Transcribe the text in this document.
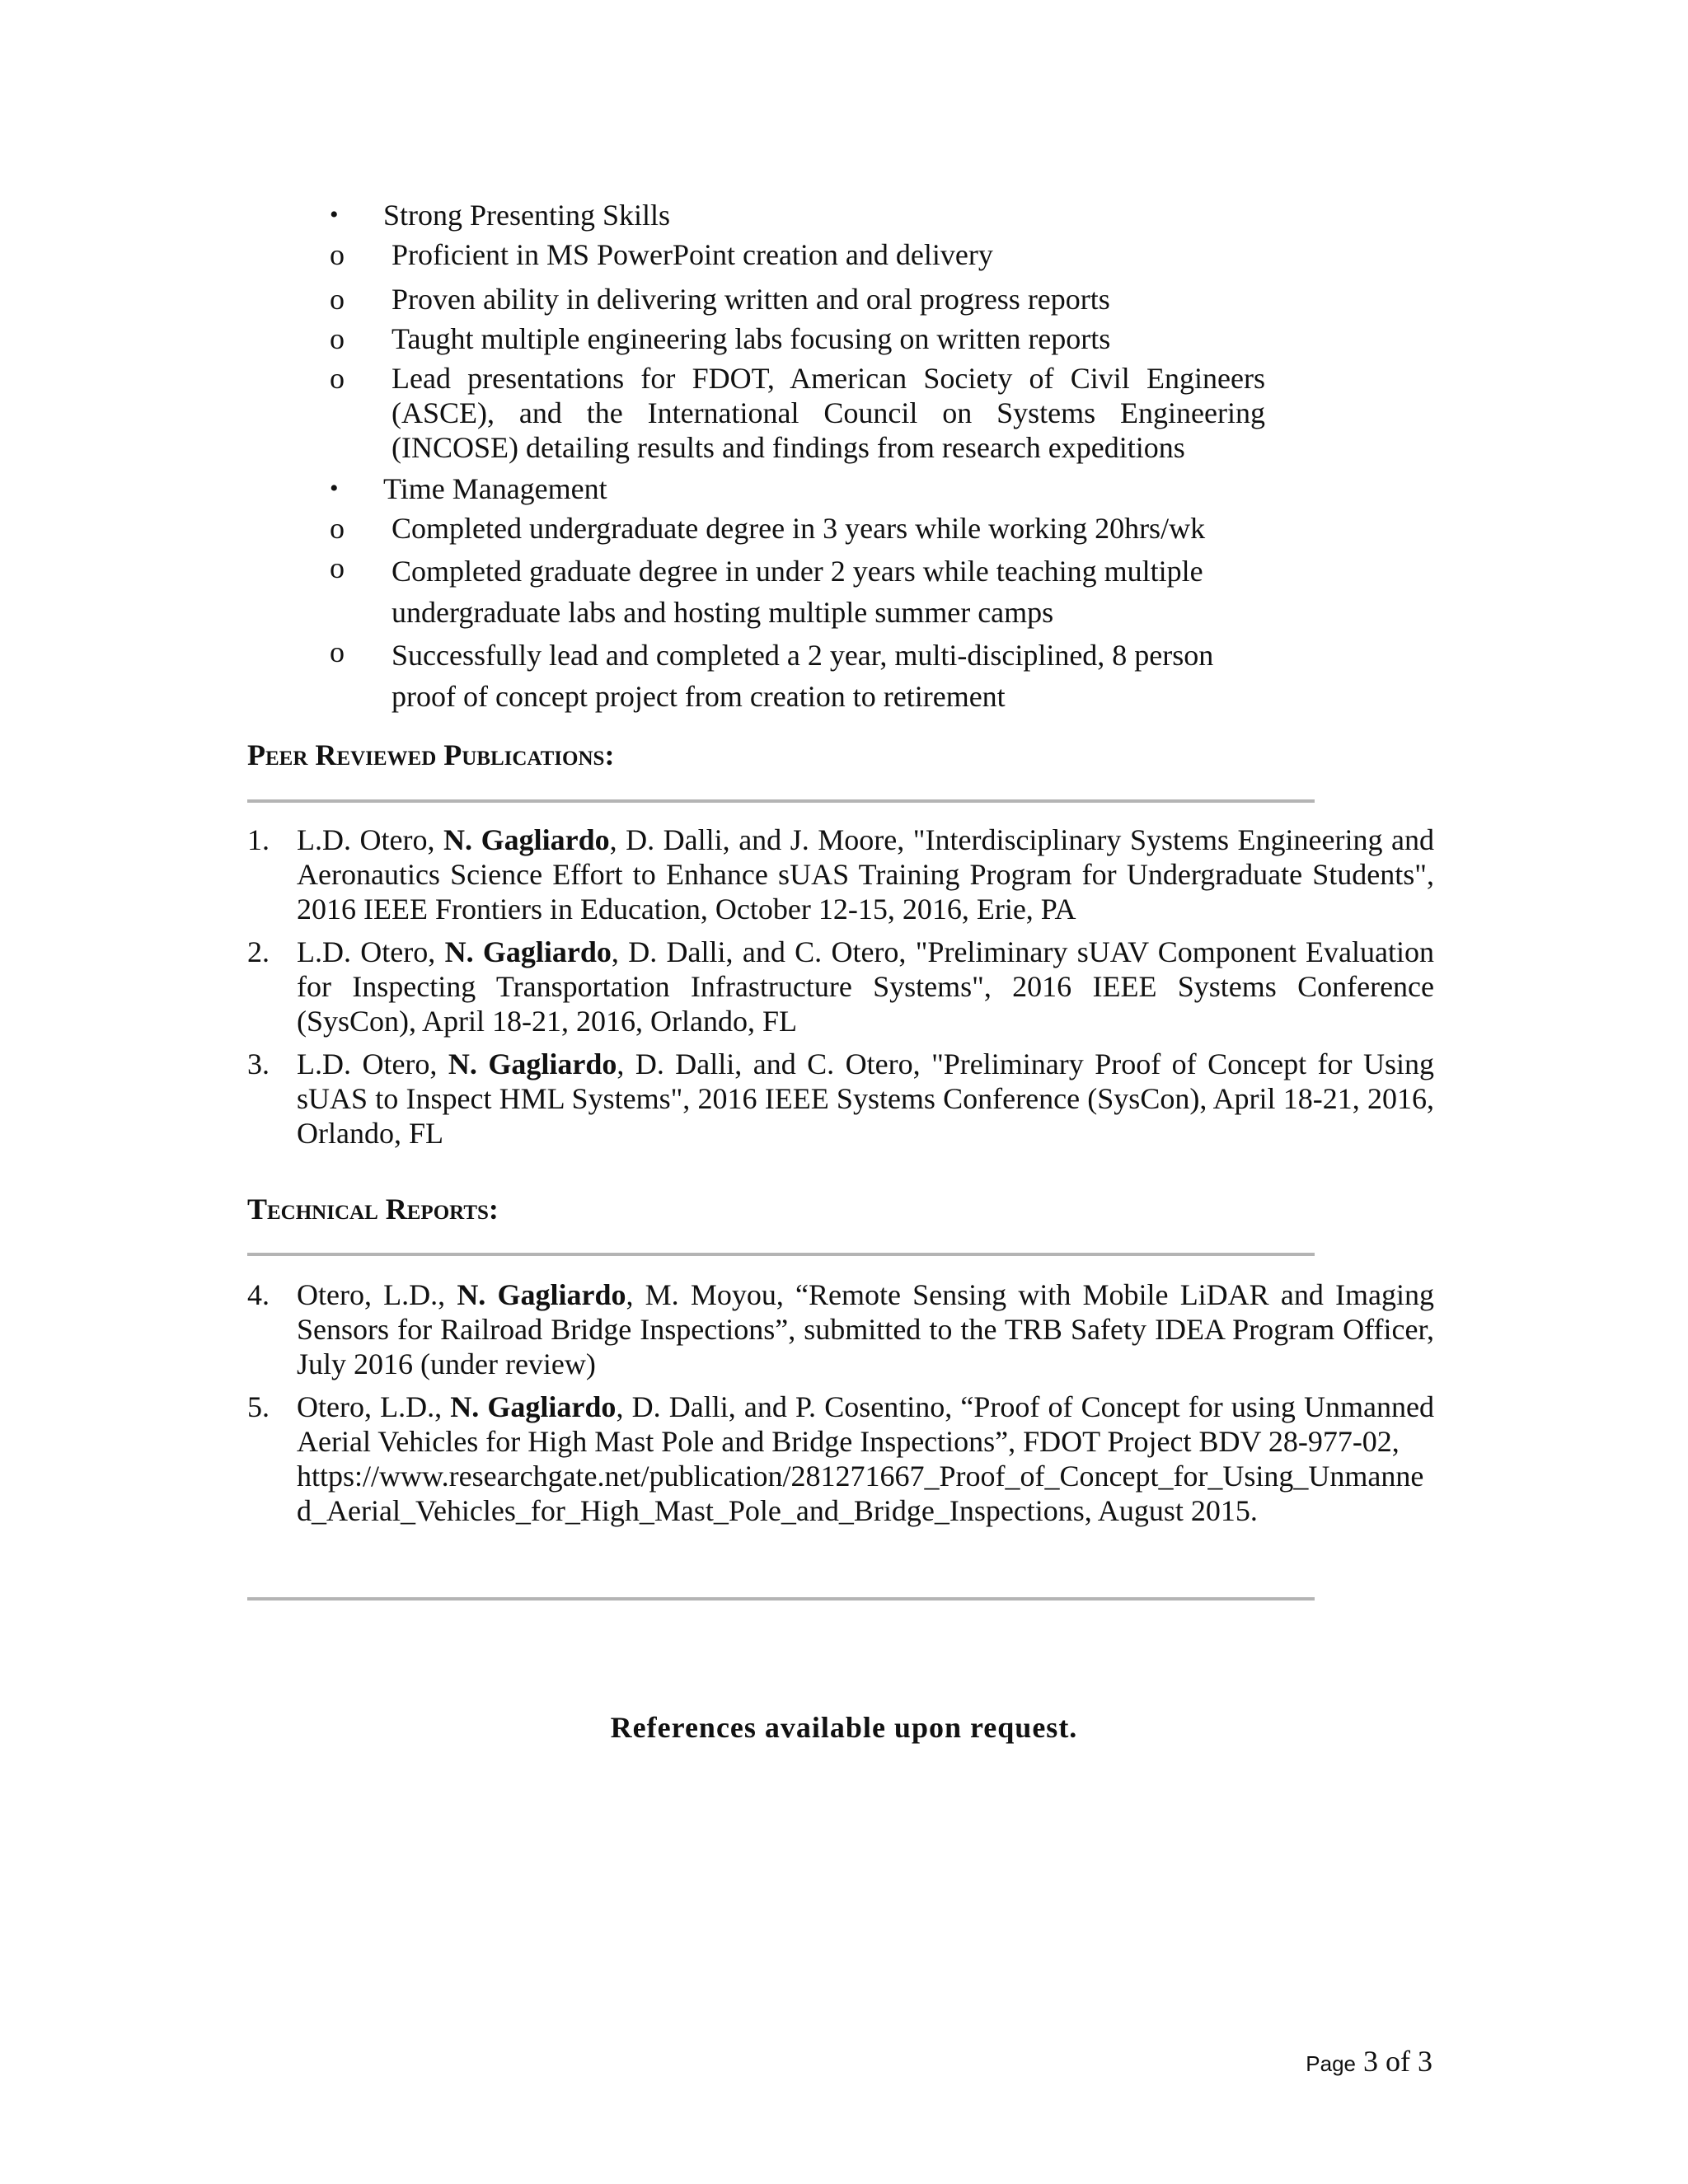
•	Strong Presenting Skills
o	Proficient in MS PowerPoint creation and delivery
o	Proven ability in delivering written and oral progress reports
o	Taught multiple engineering labs focusing on written reports
o	Lead presentations for FDOT, American Society of Civil Engineers (ASCE), and the International Council on Systems Engineering (INCOSE) detailing results and findings from research expeditions
•	Time Management
o	Completed undergraduate degree in 3 years while working 20hrs/wk
o	Completed graduate degree in under 2 years while teaching multiple undergraduate labs and hosting multiple summer camps
o	Successfully lead and completed a 2 year, multi-disciplined, 8 person proof of concept project from creation to retirement
Peer Reviewed Publications:
1. L.D. Otero, N. Gagliardo, D. Dalli, and J. Moore, "Interdisciplinary Systems Engineering and Aeronautics Science Effort to Enhance sUAS Training Program for Undergraduate Students", 2016 IEEE Frontiers in Education, October 12-15, 2016, Erie, PA
2. L.D. Otero, N. Gagliardo, D. Dalli, and C. Otero, "Preliminary sUAV Component Evaluation for Inspecting Transportation Infrastructure Systems", 2016 IEEE Systems Conference (SysCon), April 18-21, 2016, Orlando, FL
3. L.D. Otero, N. Gagliardo, D. Dalli, and C. Otero, "Preliminary Proof of Concept for Using sUAS to Inspect HML Systems", 2016 IEEE Systems Conference (SysCon), April 18-21, 2016, Orlando, FL
Technical Reports:
4. Otero, L.D., N. Gagliardo, M. Moyou, “Remote Sensing with Mobile LiDAR and Imaging Sensors for Railroad Bridge Inspections”, submitted to the TRB Safety IDEA Program Officer, July 2016 (under review)
5. Otero, L.D., N. Gagliardo, D. Dalli, and P. Cosentino, “Proof of Concept for using Unmanned Aerial Vehicles for High Mast Pole and Bridge Inspections”, FDOT Project BDV 28-977-02,
https://www.researchgate.net/publication/281271667_Proof_of_Concept_for_Using_Unmanned_Aerial_Vehicles_for_High_Mast_Pole_and_Bridge_Inspections, August 2015.
References available upon request.
Page 3 of 3
